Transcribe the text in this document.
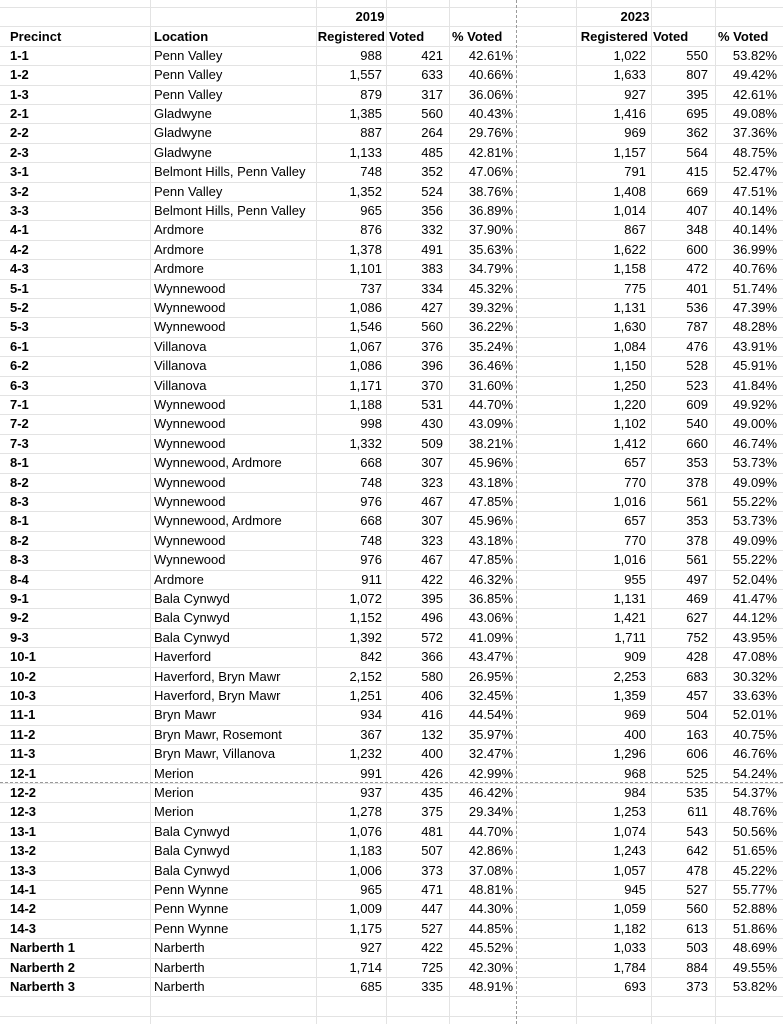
2019	2023
Precinct	Location	Registered Voted	% Voted	Registered Voted	% Voted
1-1	Penn Valley	988	421	42.61%	1,022	550	53.82%
1-2	Penn Valley	1,557	633	40.66%	1,633	807	49.42%
1-3	Penn Valley	879	317	36.06%	927	395	42.61%
2-1	Gladwyne	1,385	560	40.43%	1,416	695	49.08%
2-2	Gladwyne	887	264	29.76%	969	362	37.36%
2-3	Gladwyne	1,133	485	42.81%	1,157	564	48.75%
3-1	Belmont Hills, Penn Valley	748	352	47.06%	791	415	52.47%
3-2	Penn Valley	1,352	524	38.76%	1,408	669	47.51%
3-3	Belmont Hills, Penn Valley	965	356	36.89%	1,014	407	40.14%
4-1	Ardmore	876	332	37.90%	867	348	40.14%
4-2	Ardmore	1,378	491	35.63%	1,622	600	36.99%
4-3	Ardmore	1,101	383	34.79%	1,158	472	40.76%
5-1	Wynnewood	737	334	45.32%	775	401	51.74%
5-2	Wynnewood	1,086	427	39.32%	1,131	536	47.39%
5-3	Wynnewood	1,546	560	36.22%	1,630	787	48.28%
6-1	Villanova	1,067	376	35.24%	1,084	476	43.91%
6-2	Villanova	1,086	396	36.46%	1,150	528	45.91%
6-3	Villanova	1,171	370	31.60%	1,250	523	41.84%
7-1	Wynnewood	1,188	531	44.70%	1,220	609	49.92%
7-2	Wynnewood	998	430	43.09%	1,102	540	49.00%
7-3	Wynnewood	1,332	509	38.21%	1,412	660	46.74%
8-1	Wynnewood, Ardmore	668	307	45.96%	657	353	53.73%
8-2	Wynnewood	748	323	43.18%	770	378	49.09%
8-3	Wynnewood	976	467	47.85%	1,016	561	55.22%
8-1	Wynnewood, Ardmore	668	307	45.96%	657	353	53.73%
8-2	Wynnewood	748	323	43.18%	770	378	49.09%
8-3	Wynnewood	976	467	47.85%	1,016	561	55.22%
8-4	Ardmore	911	422	46.32%	955	497	52.04%
9-1	Bala Cynwyd	1,072	395	36.85%	1,131	469	41.47%
9-2	Bala Cynwyd	1,152	496	43.06%	1,421	627	44.12%
9-3	Bala Cynwyd	1,392	572	41.09%	1,711	752	43.95%
10-1	Haverford	842	366	43.47%	909	428	47.08%
10-2	Haverford, Bryn Mawr	2,152	580	26.95%	2,253	683	30.32%
10-3	Haverford, Bryn Mawr	1,251	406	32.45%	1,359	457	33.63%
11-1	Bryn Mawr	934	416	44.54%	969	504	52.01%
11-2	Bryn Mawr, Rosemont	367	132	35.97%	400	163	40.75%
11-3	Bryn Mawr, Villanova	1,232	400	32.47%	1,296	606	46.76%
12-1	Merion	991	426	42.99%	968	525	54.24%
12-2	Merion	937	435	46.42%	984	535	54.37%
12-3	Merion	1,278	375	29.34%	1,253	611	48.76%
13-1	Bala Cynwyd	1,076	481	44.70%	1,074	543	50.56%
13-2	Bala Cynwyd	1,183	507	42.86%	1,243	642	51.65%
13-3	Bala Cynwyd	1,006	373	37.08%	1,057	478	45.22%
14-1	Penn Wynne	965	471	48.81%	945	527	55.77%
14-2	Penn Wynne	1,009	447	44.30%	1,059	560	52.88%
14-3	Penn Wynne	1,175	527	44.85%	1,182	613	51.86%
Narberth 1	Narberth	927	422	45.52%	1,033	503	48.69%
Narberth 2	Narberth	1,714	725	42.30%	1,784	884	49.55%
Narberth 3	Narberth	685	335	48.91%	693	373	53.82%
